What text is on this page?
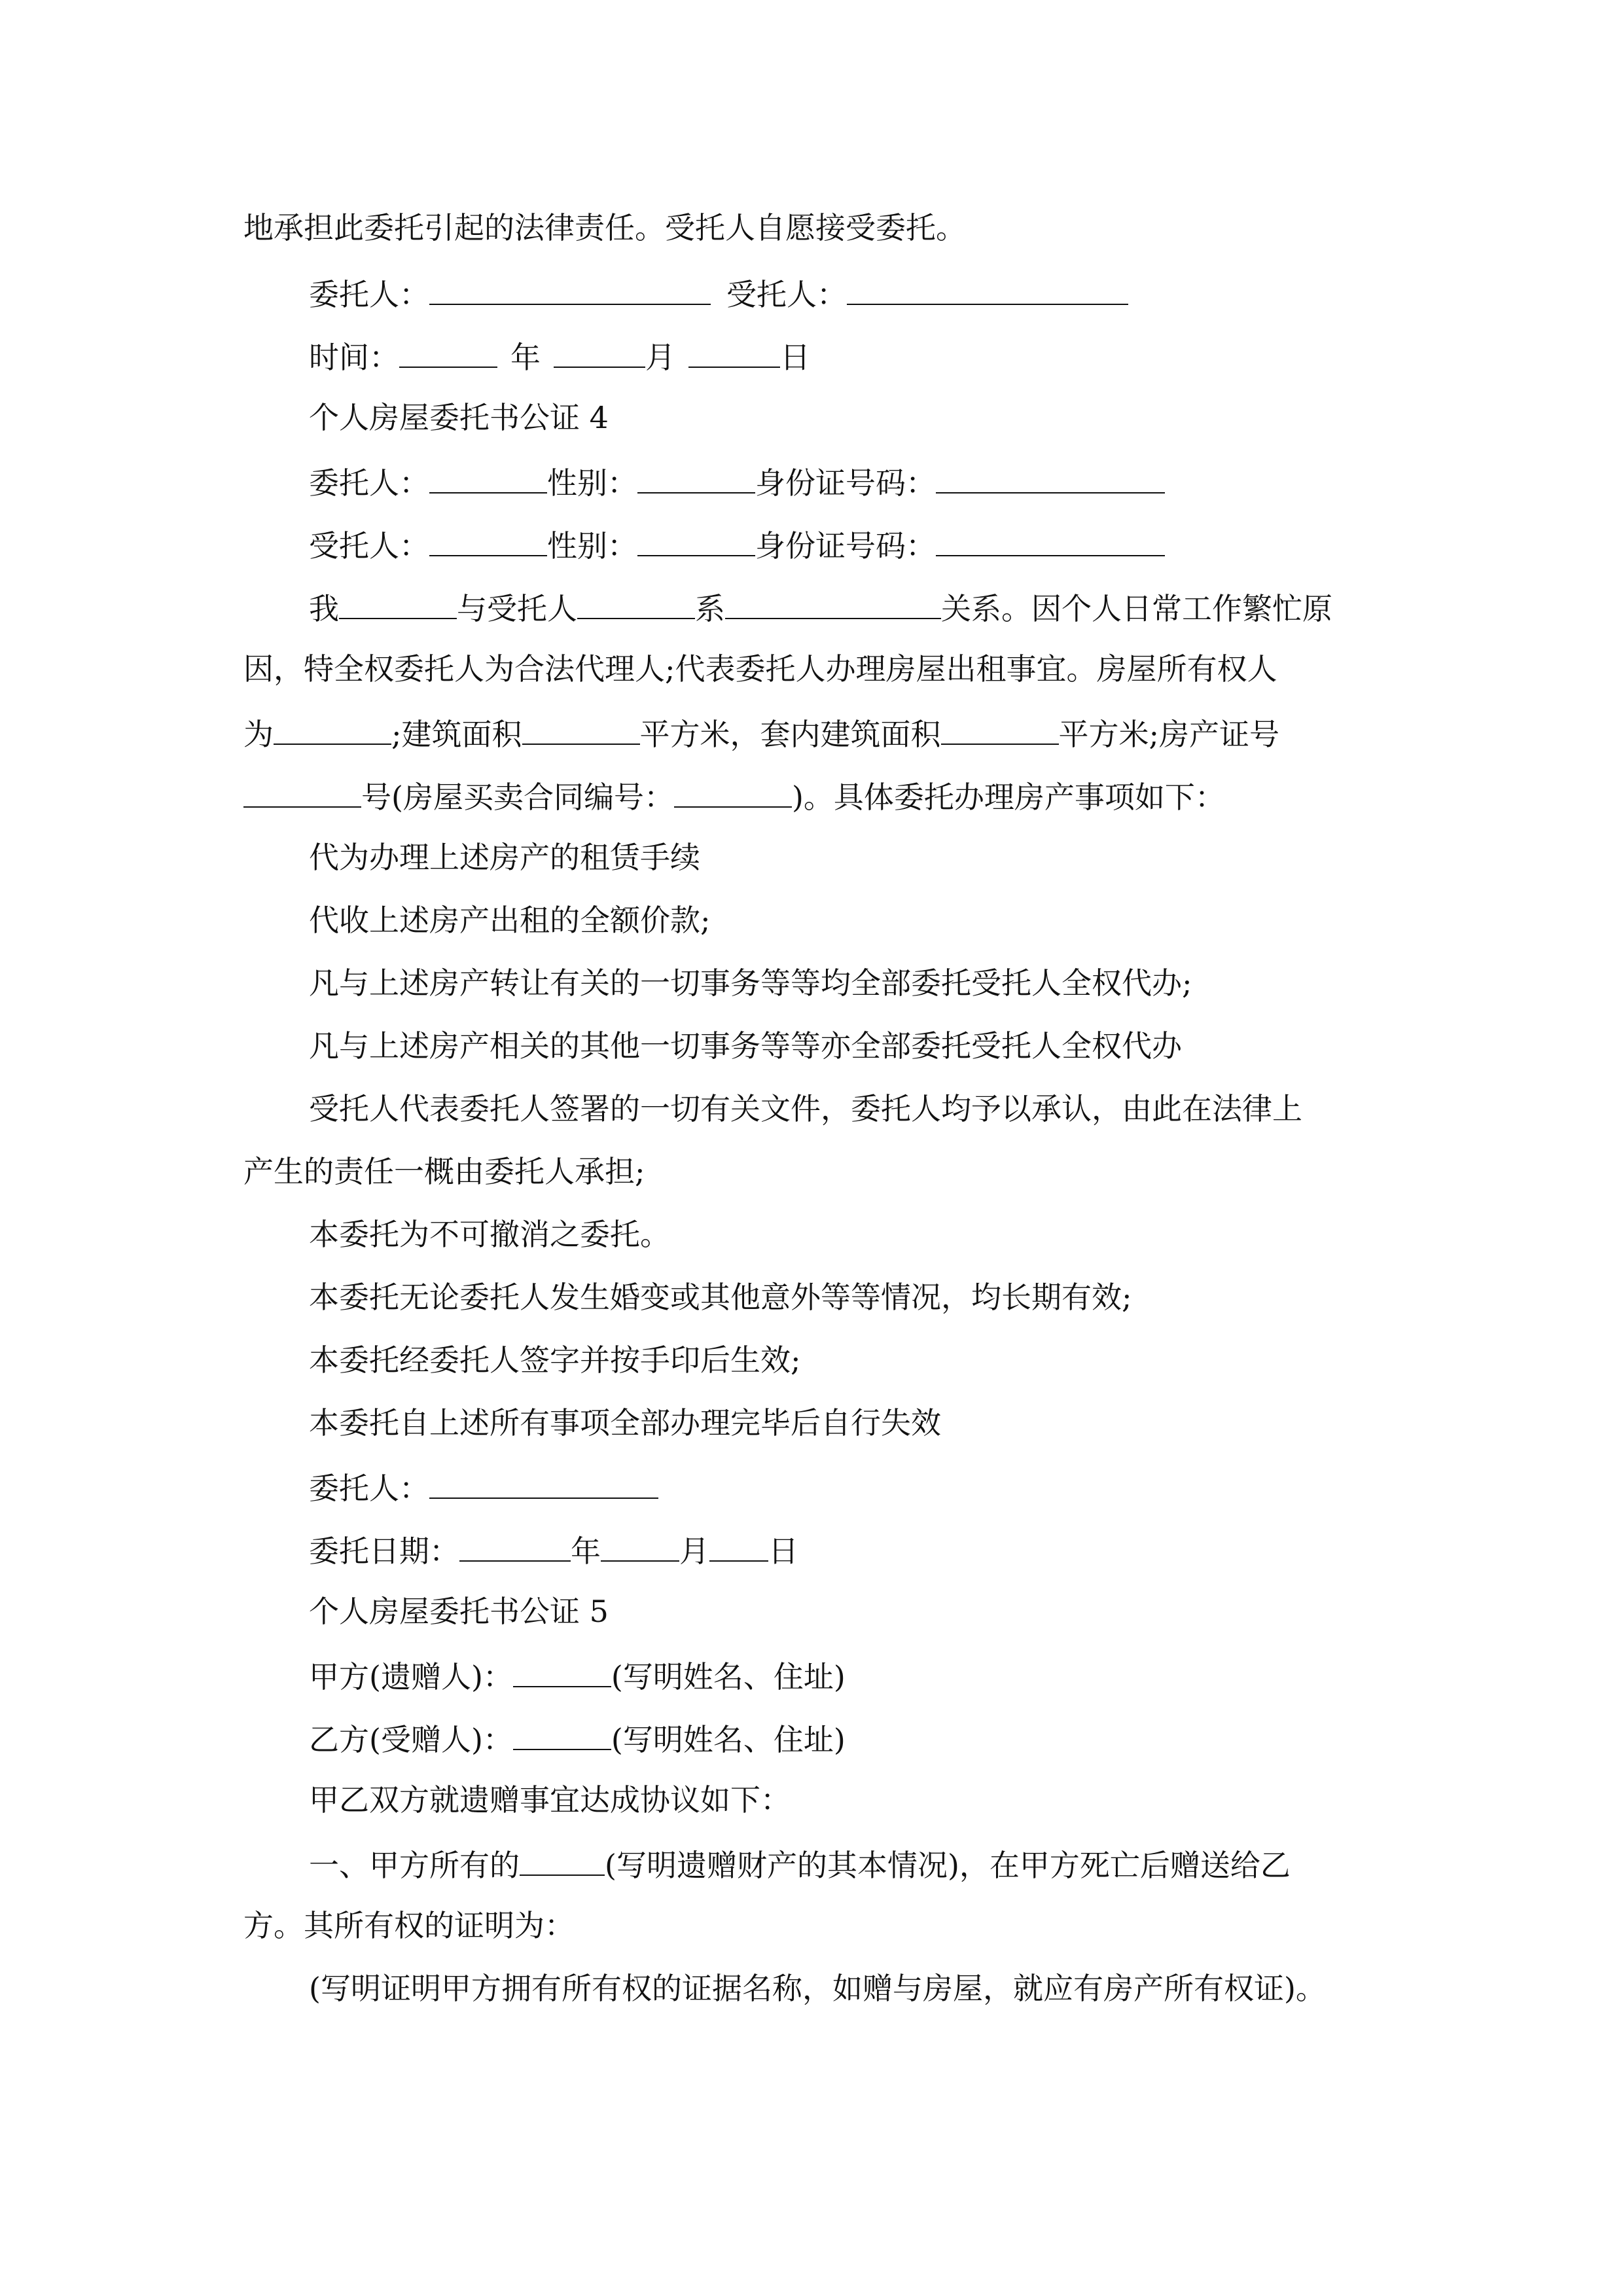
地承担此委托引起的法律责任。受托人自愿接受委托。
委托人：	受托人：
时间：	年	月	日
个人房屋委托书公证 4
委托人：	性别：	身份证号码：
受托人：	性别：	身份证号码：
我	与受托人	系	关系。因个人日常工作繁忙原
因，特全权委托人为合法代理人;代表委托人办理房屋出租事宜。房屋所有权人
为	;建筑面积	平方米，套内建筑面积	平方米;房产证号
号(房屋买卖合同编号：	)。具体委托办理房产事项如下：
代为办理上述房产的租赁手续
代收上述房产出租的全额价款;
凡与上述房产转让有关的一切事务等等均全部委托受托人全权代办;
凡与上述房产相关的其他一切事务等等亦全部委托受托人全权代办
受托人代表委托人签署的一切有关文件，委托人均予以承认，由此在法律上
产生的责任一概由委托人承担;
本委托为不可撤消之委托。
本委托无论委托人发生婚变或其他意外等等情况，均长期有效;
本委托经委托人签字并按手印后生效;
本委托自上述所有事项全部办理完毕后自行失效
委托人：
委托日期：	年	月 日
个人房屋委托书公证 5
甲方(遗赠人)：	(写明姓名、住址)
乙方(受赠人)：	(写明姓名、住址)
甲乙双方就遗赠事宜达成协议如下：
一、甲方所有的	(写明遗赠财产的其本情况)，在甲方死亡后赠送给乙
方。其所有权的证明为：
(写明证明甲方拥有所有权的证据名称，如赠与房屋，就应有房产所有权证)。
